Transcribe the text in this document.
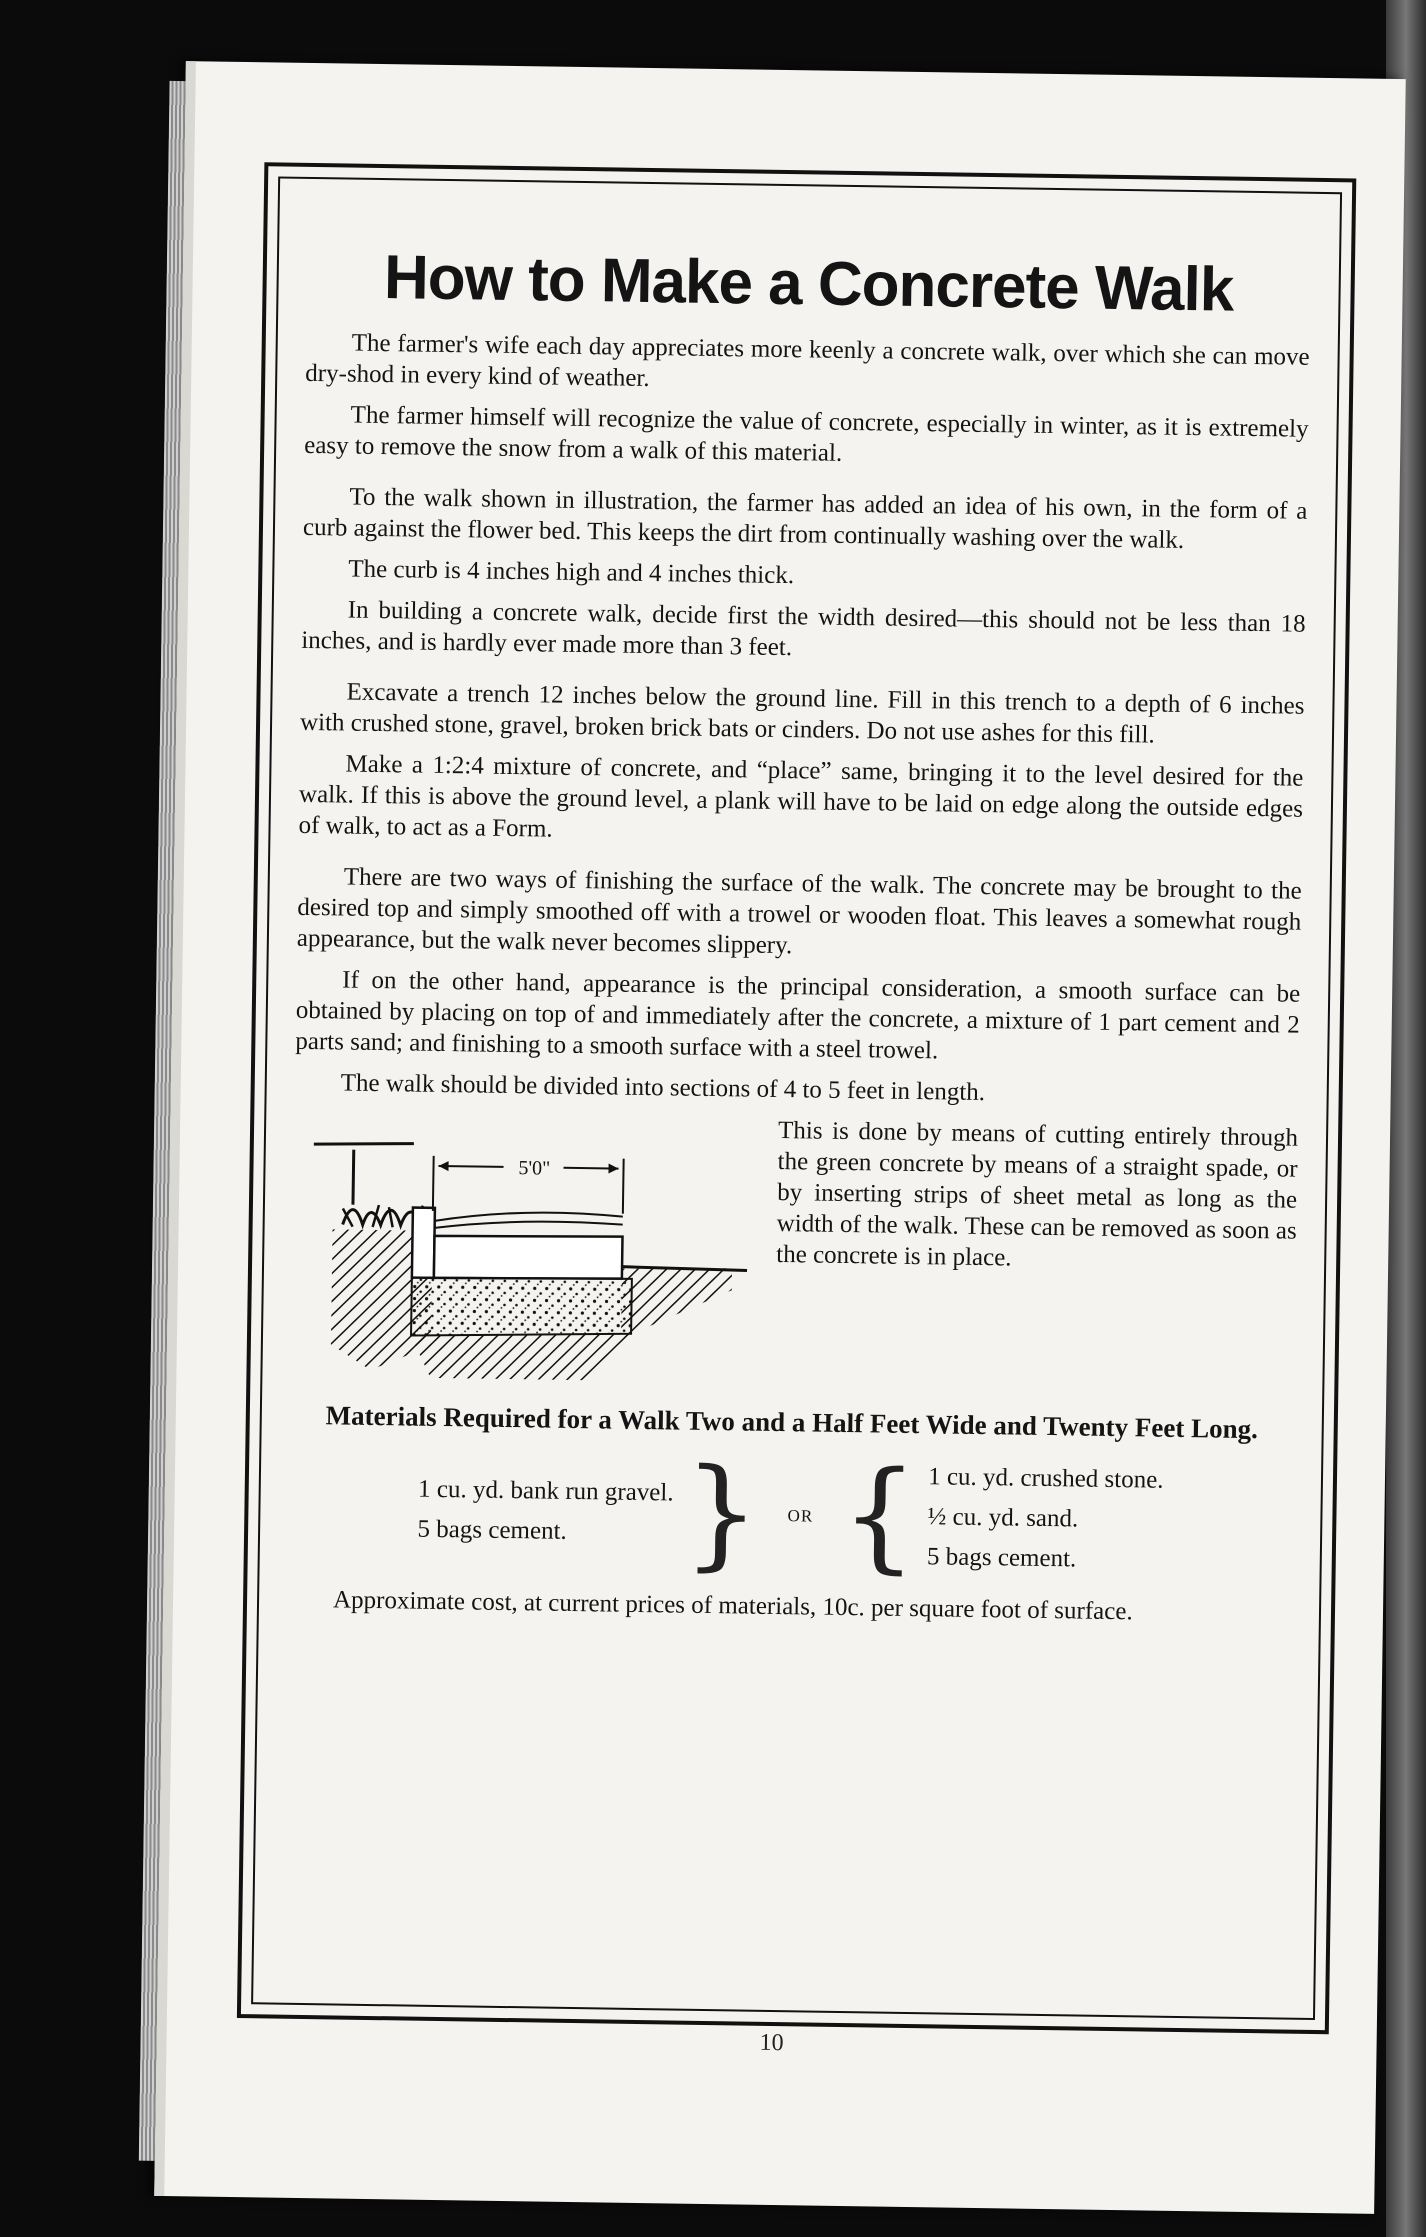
How to Make a Concrete Walk

The farmer's wife each day appreciates more keenly a concrete walk, over which she can move dry-shod in every kind of weather.

The farmer himself will recognize the value of concrete, especially in winter, as it is extremely easy to remove the snow from a walk of this material.

To the walk shown in illustration, the farmer has added an idea of his own, in the form of a curb against the flower bed. This keeps the dirt from continually washing over the walk.

The curb is 4 inches high and 4 inches thick.

In building a concrete walk, decide first the width desired—this should not be less than 18 inches, and is hardly ever made more than 3 feet.

Excavate a trench 12 inches below the ground line. Fill in this trench to a depth of 6 inches with crushed stone, gravel, broken brick bats or cinders. Do not use ashes for this fill.

Make a 1:2:4 mixture of concrete, and “place” same, bringing it to the level desired for the walk. If this is above the ground level, a plank will have to be laid on edge along the outside edges of walk, to act as a Form.

There are two ways of finishing the surface of the walk. The concrete may be brought to the desired top and simply smoothed off with a trowel or wooden float. This leaves a somewhat rough appearance, but the walk never becomes slippery.

If on the other hand, appearance is the principal consideration, a smooth surface can be obtained by placing on top of and immediately after the concrete, a mixture of 1 part cement and 2 parts sand; and finishing to a smooth surface with a steel trowel.

The walk should be divided into sections of 4 to 5 feet in length.

5'0"

This is done by means of cutting entirely through the green concrete by means of a straight spade, or by inserting strips of sheet metal as long as the width of the walk. These can be removed as soon as the concrete is in place.

Materials Required for a Walk Two and a Half Feet Wide and Twenty Feet Long.
1 cu. yd. bank run gravel.
5 bags cement. } OR { 1 cu. yd. crushed stone.
½ cu. yd. sand.
5 bags cement.

Approximate cost, at current prices of materials, 10c. per square foot of surface.

10
